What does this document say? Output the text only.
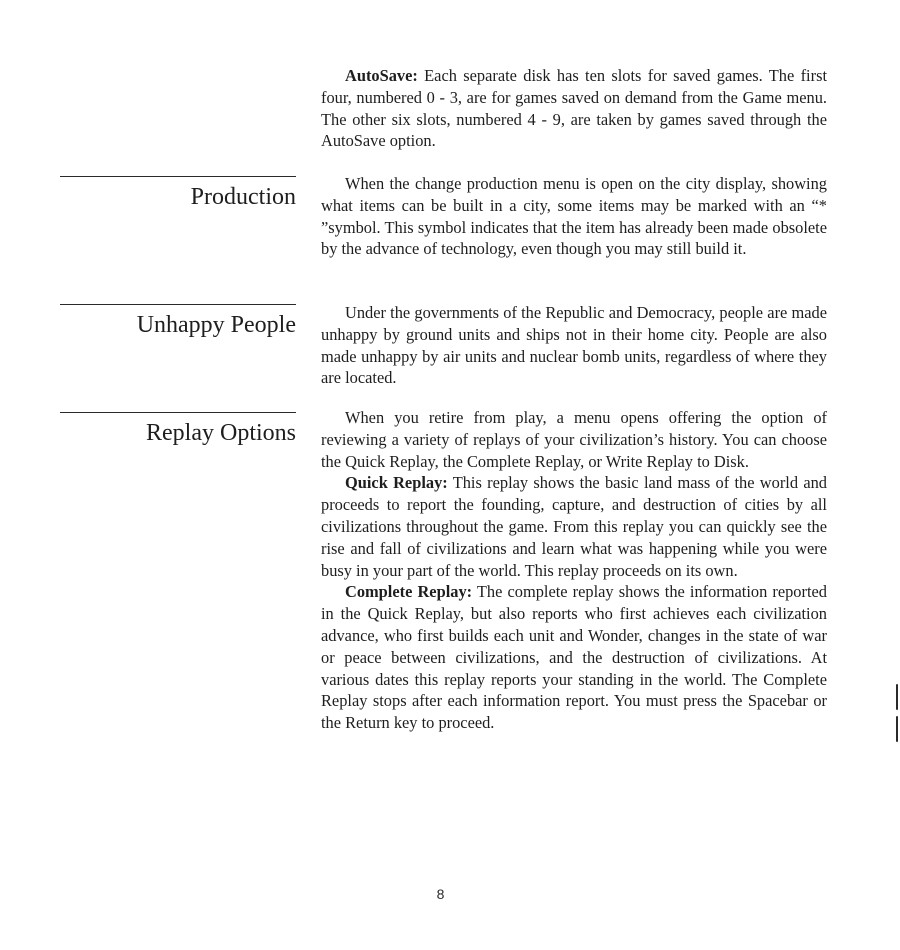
Production
Unhappy People
Replay Options

AutoSave: Each separate disk has ten slots for saved games. The first four, numbered 0 - 3, are for games saved on demand from the Game menu. The other six slots, numbered 4 - 9, are taken by games saved through the AutoSave option.

When the change production menu is open on the city display, showing what items can be built in a city, some items may be marked with an “* ”symbol. This symbol indicates that the item has already been made obsolete by the advance of technology, even though you may still build it.

Under the governments of the Republic and Democracy, people are made unhappy by ground units and ships not in their home city. People are also made unhappy by air units and nuclear bomb units, regardless of where they are located.

When you retire from play, a menu opens offering the option of reviewing a variety of replays of your civilization’s history. You can choose the Quick Replay, the Complete Replay, or Write Replay to Disk.

Quick Replay: This replay shows the basic land mass of the world and proceeds to report the founding, capture, and destruction of cities by all civilizations throughout the game. From this replay you can quickly see the rise and fall of civilizations and learn what was happening while you were busy in your part of the world. This replay proceeds on its own.

Complete Replay: The complete replay shows the information reported in the Quick Replay, but also reports who first achieves each civilization advance, who first builds each unit and Wonder, changes in the state of war or peace between civilizations, and the destruction of civilizations. At various dates this replay reports your standing in the world. The Complete Replay stops after each information report. You must press the Spacebar or the Return key to proceed.

8
